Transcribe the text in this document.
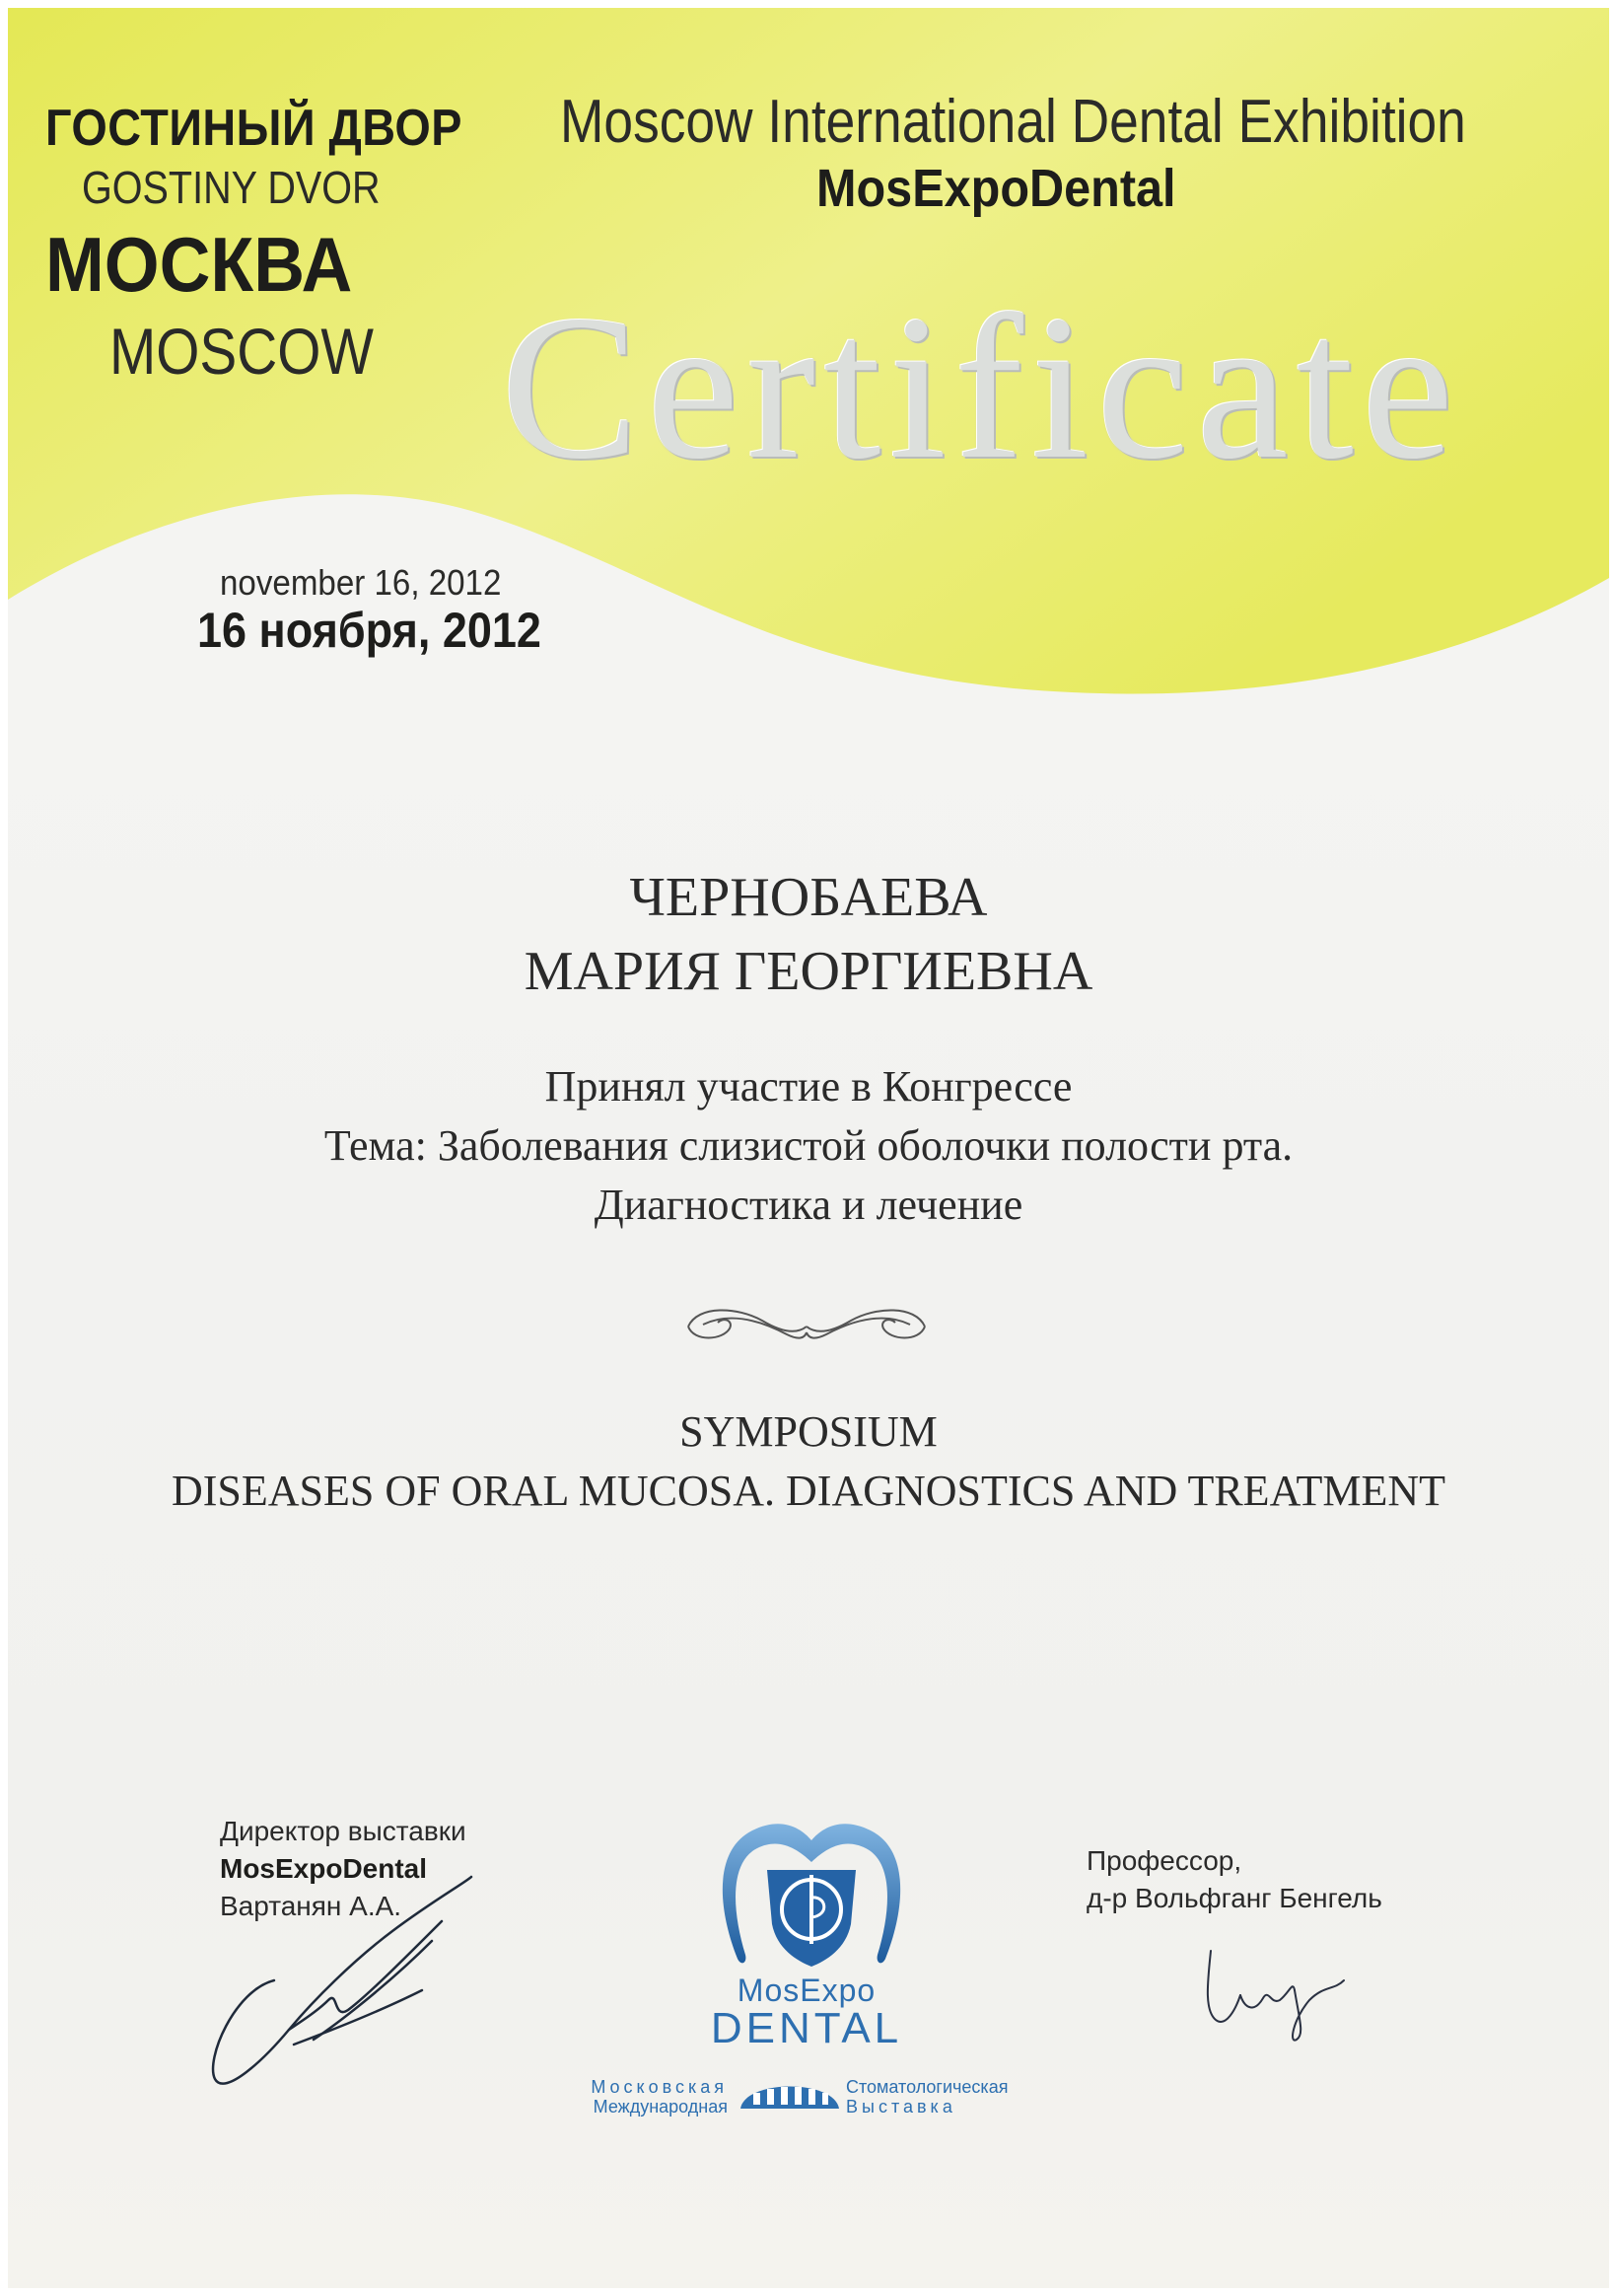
ГОСТИНЫЙ ДВОР
GOSTINY DVOR
МОСКВА
MOSCOW
Moscow International Dental Exhibition
MosExpoDental
Certificate
november 16, 2012
16 ноября, 2012
ЧЕРНОБАЕВА
МАРИЯ ГЕОРГИЕВНА
Принял участие в Конгрессе
Тема: Заболевания слизистой оболочки полости рта.
Диагностика и лечение
SYMPOSIUM
DISEASES OF ORAL MUCOSA. DIAGNOSTICS AND TREATMENT
Директор выставки
MosExpoDental
Вартанян А.А.
Профессор,
д-р Вольфганг Бенгель
MosExpo
DENTAL
Московская
Международная
Стоматологическая
Выставка
